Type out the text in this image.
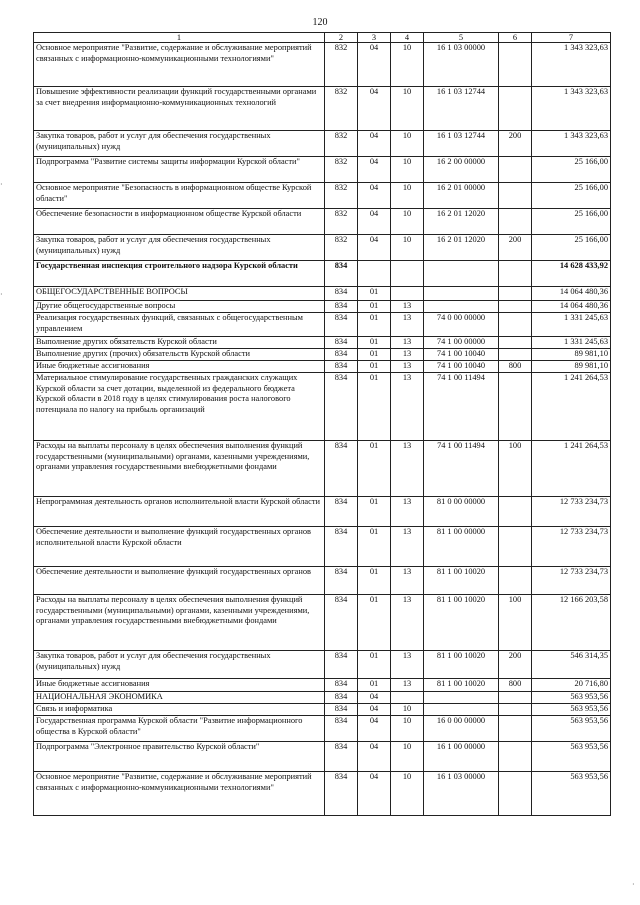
120
1	2	3	4	5	6	7
Основное мероприятие "Развитие, содержание и обслуживание мероприятий связанных с информационно-коммуникационными технологиями"	832	04	10	16 1 03 00000		1 343 323,63
Повышение эффективности реализации функций государственными органами за счет внедрения информационно-коммуникационных технологий	832	04	10	16 1 03 12744		1 343 323,63
Закупка товаров, работ и услуг для обеспечения государственных (муниципальных) нужд	832	04	10	16 1 03 12744	200	1 343 323,63
Подпрограмма "Развитие системы защиты информации Курской области"	832	04	10	16 2 00 00000		25 166,00
Основное мероприятие "Безопасность в информационном обществе Курской области"	832	04	10	16 2 01 00000		25 166,00
Обеспечение безопасности в информационном обществе Курской области	832	04	10	16 2 01 12020		25 166,00
Закупка товаров, работ и услуг для обеспечения государственных (муниципальных) нужд	832	04	10	16 2 01 12020	200	25 166,00
Государственная инспекция строительного надзора Курской области	834					14 628 433,92
ОБЩЕГОСУДАРСТВЕННЫЕ ВОПРОСЫ	834	01				14 064 480,36
Другие общегосударственные вопросы	834	01	13			14 064 480,36
Реализация государственных функций, связанных с общегосударственным управлением	834	01	13	74 0 00 00000		1 331 245,63
Выполнение других обязательств Курской области	834	01	13	74 1 00 00000		1 331 245,63
Выполнение других (прочих) обязательств Курской области	834	01	13	74 1 00 10040		89 981,10
Иные бюджетные ассигнования	834	01	13	74 1 00 10040	800	89 981,10
Материальное стимулирование государственных гражданских служащих Курской области за счет дотации, выделенной из федерального бюджета Курской области в 2018 году в целях стимулирования роста налогового потенциала по налогу на прибыль организаций	834	01	13	74 1 00 11494		1 241 264,53
Расходы на выплаты персоналу в целях обеспечения выполнения функций государственными (муниципальными) органами, казенными учреждениями, органами управления государственными внебюджетными фондами	834	01	13	74 1 00 11494	100	1 241 264,53
Непрограммная деятельность органов исполнительной власти Курской области	834	01	13	81 0 00 00000		12 733 234,73
Обеспечение деятельности и выполнение функций государственных органов исполнительной власти Курской области	834	01	13	81 1 00 00000		12 733 234,73
Обеспечение деятельности и выполнение функций государственных органов	834	01	13	81 1 00 10020		12 733 234,73
Расходы на выплаты персоналу в целях обеспечения выполнения функций государственными (муниципальными) органами, казенными учреждениями, органами управления государственными внебюджетными фондами	834	01	13	81 1 00 10020	100	12 166 203,58
Закупка товаров, работ и услуг для обеспечения государственных (муниципальных) нужд	834	01	13	81 1 00 10020	200	546 314,35
Иные бюджетные ассигнования	834	01	13	81 1 00 10020	800	20 716,80
НАЦИОНАЛЬНАЯ ЭКОНОМИКА	834	04				563 953,56
Связь и информатика	834	04	10			563 953,56
Государственная программа Курской области "Развитие информационного общества в Курской области"	834	04	10	16 0 00 00000		563 953,56
Подпрограмма "Электронное правительство Курской области"	834	04	10	16 1 00 00000		563 953,56
Основное мероприятие "Развитие, содержание и обслуживание мероприятий связанных с информационно-коммуникационными технологиями"	834	04	10	16 1 03 00000		563 953,56
·
·
·
